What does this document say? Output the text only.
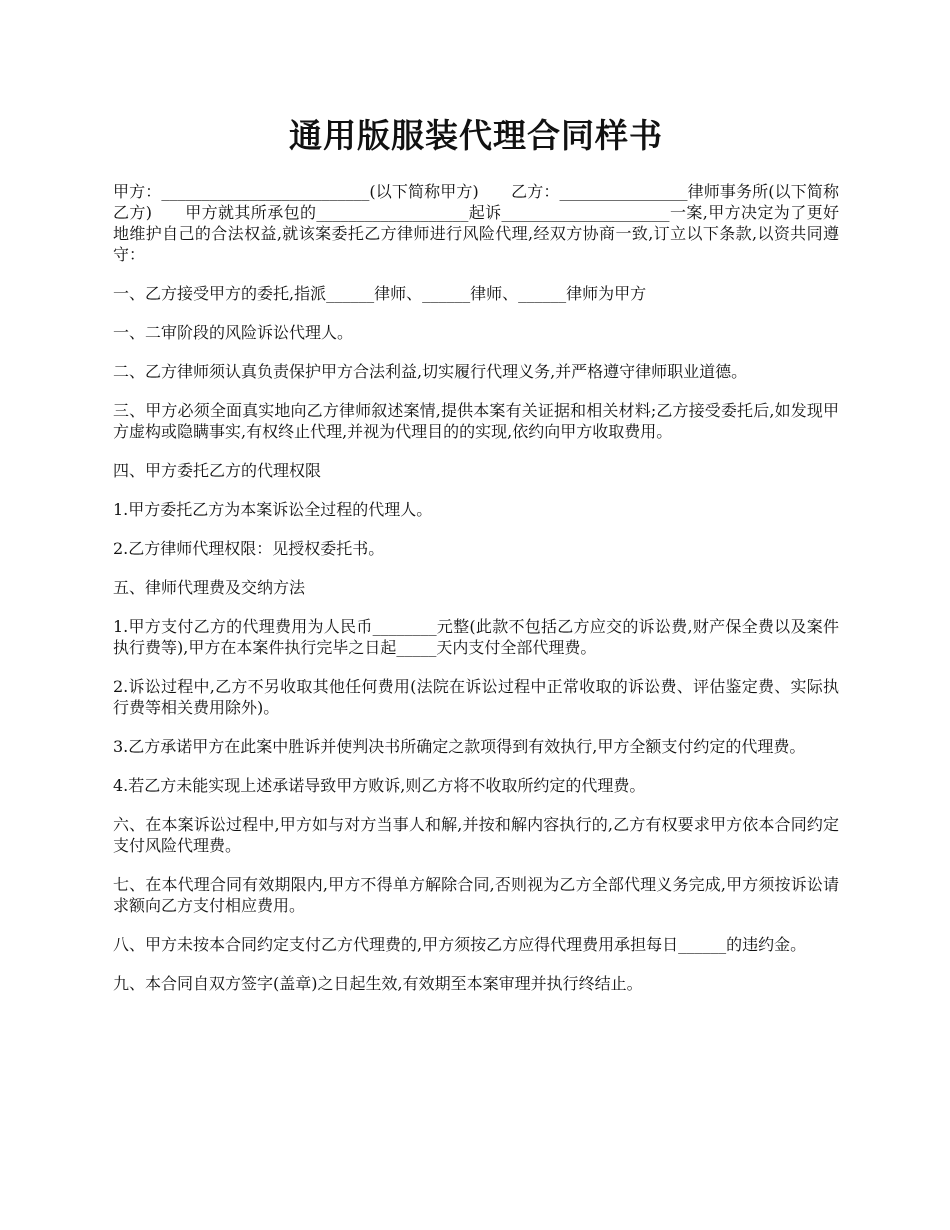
通用版服装代理合同样书

甲方：__________________________(以下简称甲方)　　乙方：________________律师事务所(以下简称乙方)　　甲方就其所承包的___________________起诉_____________________一案,甲方决定为了更好地维护自己的合法权益,就该案委托乙方律师进行风险代理,经双方协商一致,订立以下条款,以资共同遵守：

一、乙方接受甲方的委托,指派______律师、______律师、______律师为甲方

一、二审阶段的风险诉讼代理人。

二、乙方律师须认真负责保护甲方合法利益,切实履行代理义务,并严格遵守律师职业道德。

三、甲方必须全面真实地向乙方律师叙述案情,提供本案有关证据和相关材料;乙方接受委托后,如发现甲方虚构或隐瞒事实,有权终止代理,并视为代理目的的实现,依约向甲方收取费用。

四、甲方委托乙方的代理权限

1.甲方委托乙方为本案诉讼全过程的代理人。

2.乙方律师代理权限：见授权委托书。

五、律师代理费及交纳方法

1.甲方支付乙方的代理费用为人民币________元整(此款不包括乙方应交的诉讼费,财产保全费以及案件执行费等),甲方在本案件执行完毕之日起_____天内支付全部代理费。

2.诉讼过程中,乙方不另收取其他任何费用(法院在诉讼过程中正常收取的诉讼费、评估鉴定费、实际执行费等相关费用除外)。

3.乙方承诺甲方在此案中胜诉并使判决书所确定之款项得到有效执行,甲方全额支付约定的代理费。

4.若乙方未能实现上述承诺导致甲方败诉,则乙方将不收取所约定的代理费。

六、在本案诉讼过程中,甲方如与对方当事人和解,并按和解内容执行的,乙方有权要求甲方依本合同约定支付风险代理费。

七、在本代理合同有效期限内,甲方不得单方解除合同,否则视为乙方全部代理义务完成,甲方须按诉讼请求额向乙方支付相应费用。

八、甲方未按本合同约定支付乙方代理费的,甲方须按乙方应得代理费用承担每日______的违约金。

九、本合同自双方签字(盖章)之日起生效,有效期至本案审理并执行终结止。
